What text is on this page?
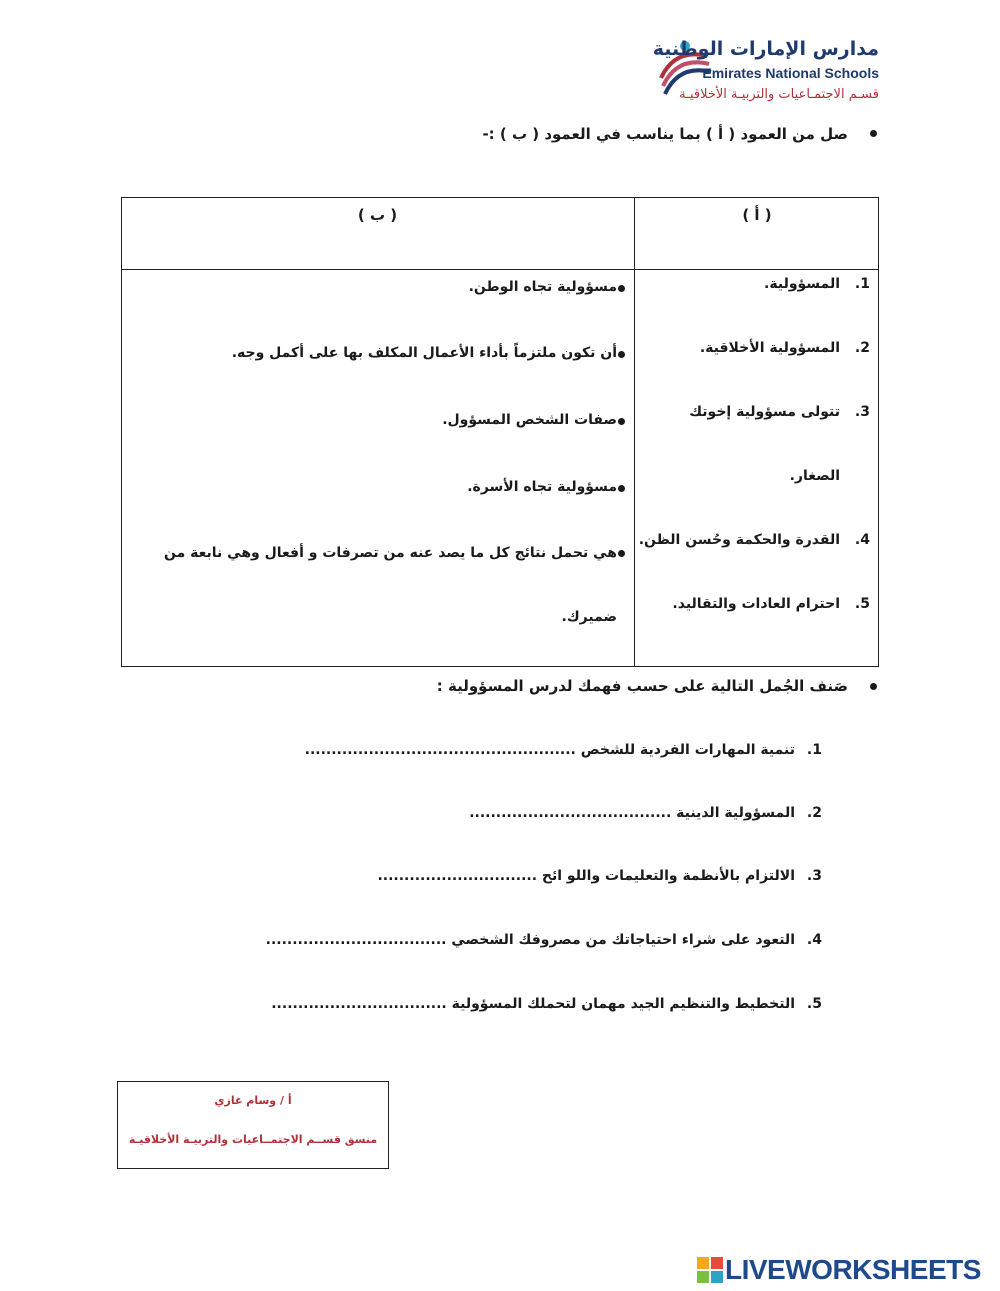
مدارس الإمارات الوطنية
Emirates National Schools
قسـم الاجتمـاعيات والتربيـة الأخلاقيـة
صل من العمود ( أ ) بما يناسب في العمود ( ب ) :-
( أ )
( ب )
1.
المسؤولية.
2.
المسؤولية الأخلاقية.
3.
تتولى مسؤولية إخوتك
الصغار.
4.
القدرة والحكمة وحُسن الظن.
5.
احترام العادات والتقاليد.
مسؤولية تجاه الوطن.
أن تكون ملتزماً بأداء الأعمال المكلف بها على أكمل وجه.
صفات الشخص المسؤول.
مسؤولية تجاه الأسرة.
هي تحمل نتائج كل ما يصد عنه من تصرفات و أفعال وهي نابعة من
ضميرك.
صَنف الجُمل التالية على حسب فهمك لدرس المسؤولية :
1.
تنمية المهارات الفردية للشخص ...................................................
2.
المسؤولية الدينية ......................................
3.
الالتزام بالأنظمة والتعليمات واللو ائح ..............................
4.
التعود على شراء احتياجاتك من مصروفك الشخصي ..................................
5.
التخطيط والتنظيم الجيد مهمان لتحملك المسؤولية .................................
أ / وسام غازي
منسق قســم الاجتمــاعيات والتربيـة الأخلاقيـة
LIVEWORKSHEETS
